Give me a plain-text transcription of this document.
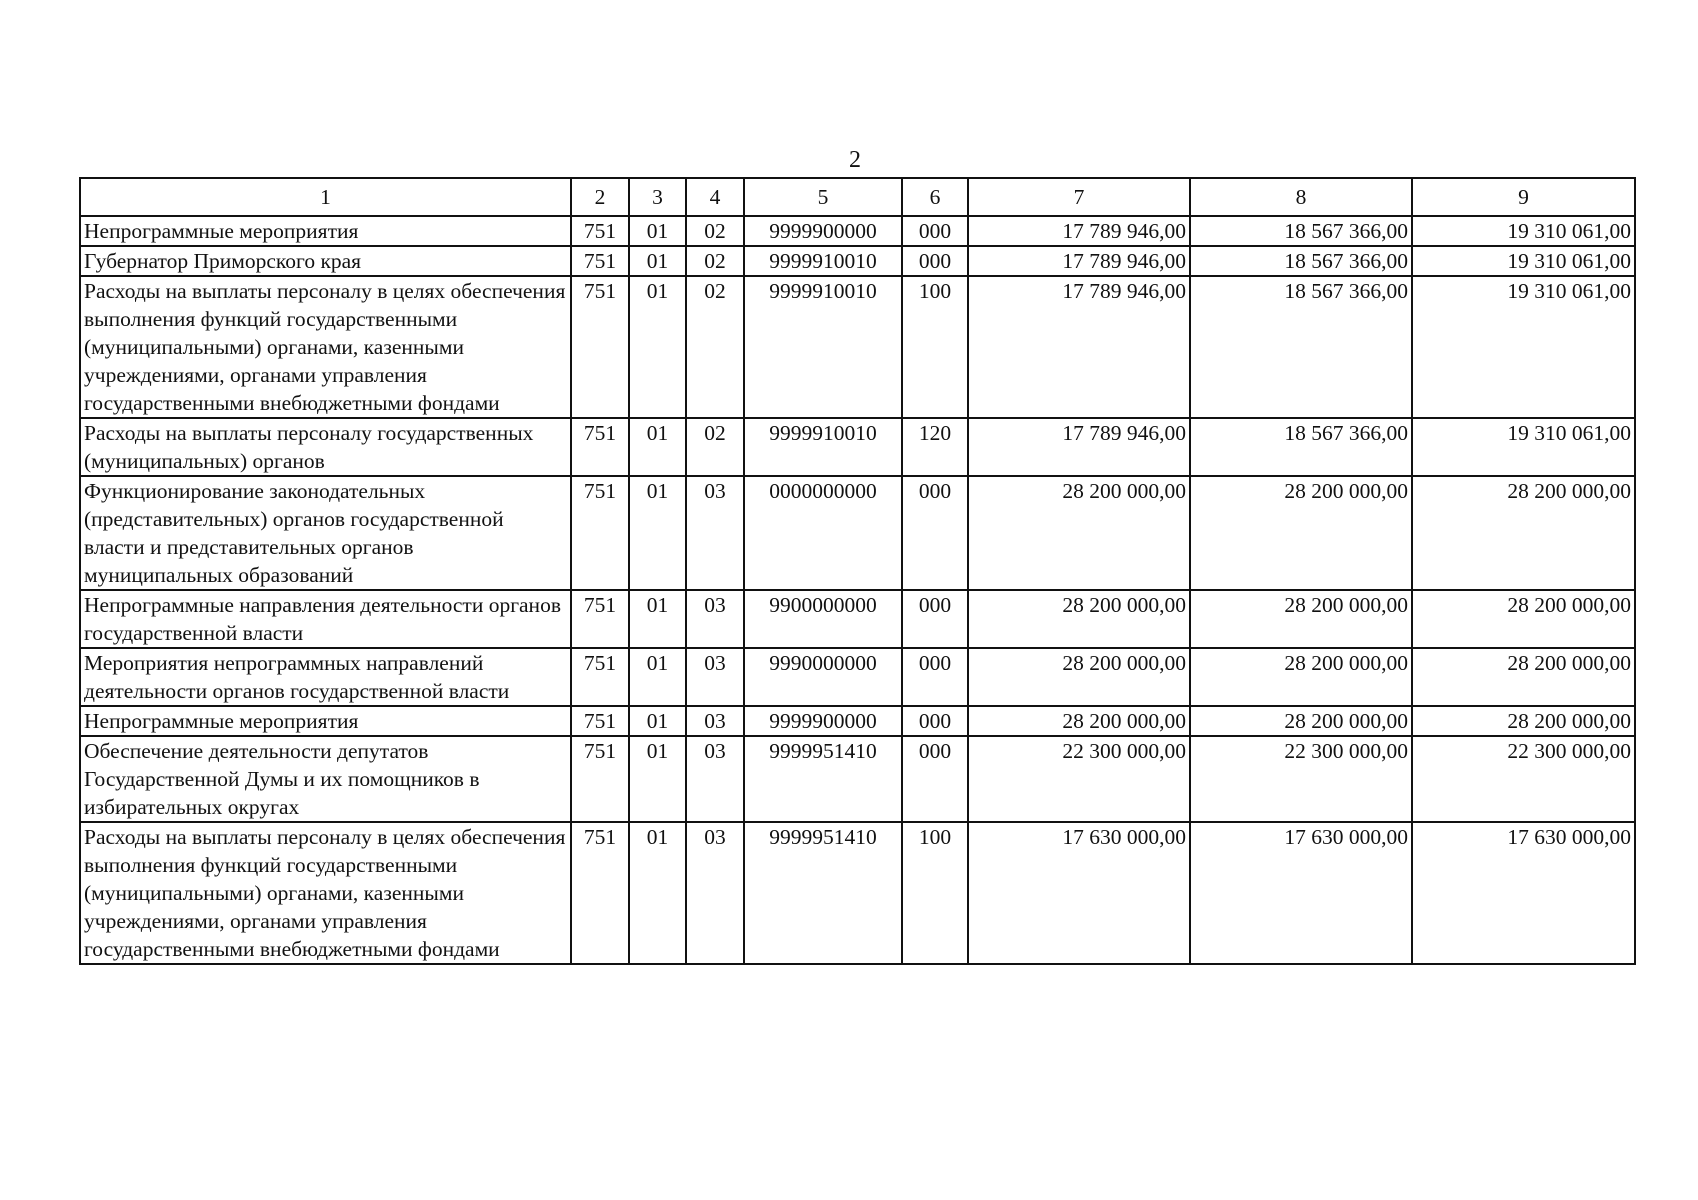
2
1	2	3	4	5	6	7	8	9
Непрограммные мероприятия	751	01	02	9999900000	000	17 789 946,00	18 567 366,00	19 310 061,00
Губернатор Приморского края	751	01	02	9999910010	000	17 789 946,00	18 567 366,00	19 310 061,00
Расходы на выплаты персоналу в целях обеспечения выполнения функций государственными (муниципальными) органами, казенными учреждениями, органами управления государственными внебюджетными фондами	751	01	02	9999910010	100	17 789 946,00	18 567 366,00	19 310 061,00
Расходы на выплаты персоналу государственных (муниципальных) органов	751	01	02	9999910010	120	17 789 946,00	18 567 366,00	19 310 061,00
Функционирование законодательных (представительных) органов государственной власти и представительных органов муниципальных образований	751	01	03	0000000000	000	28 200 000,00	28 200 000,00	28 200 000,00
Непрограммные направления деятельности органов государственной власти	751	01	03	9900000000	000	28 200 000,00	28 200 000,00	28 200 000,00
Мероприятия непрограммных направлений деятельности органов государственной власти	751	01	03	9990000000	000	28 200 000,00	28 200 000,00	28 200 000,00
Непрограммные мероприятия	751	01	03	9999900000	000	28 200 000,00	28 200 000,00	28 200 000,00
Обеспечение деятельности депутатов Государственной Думы и их помощников в избирательных округах	751	01	03	9999951410	000	22 300 000,00	22 300 000,00	22 300 000,00
Расходы на выплаты персоналу в целях обеспечения выполнения функций государственными (муниципальными) органами, казенными учреждениями, органами управления государственными внебюджетными фондами	751	01	03	9999951410	100	17 630 000,00	17 630 000,00	17 630 000,00
